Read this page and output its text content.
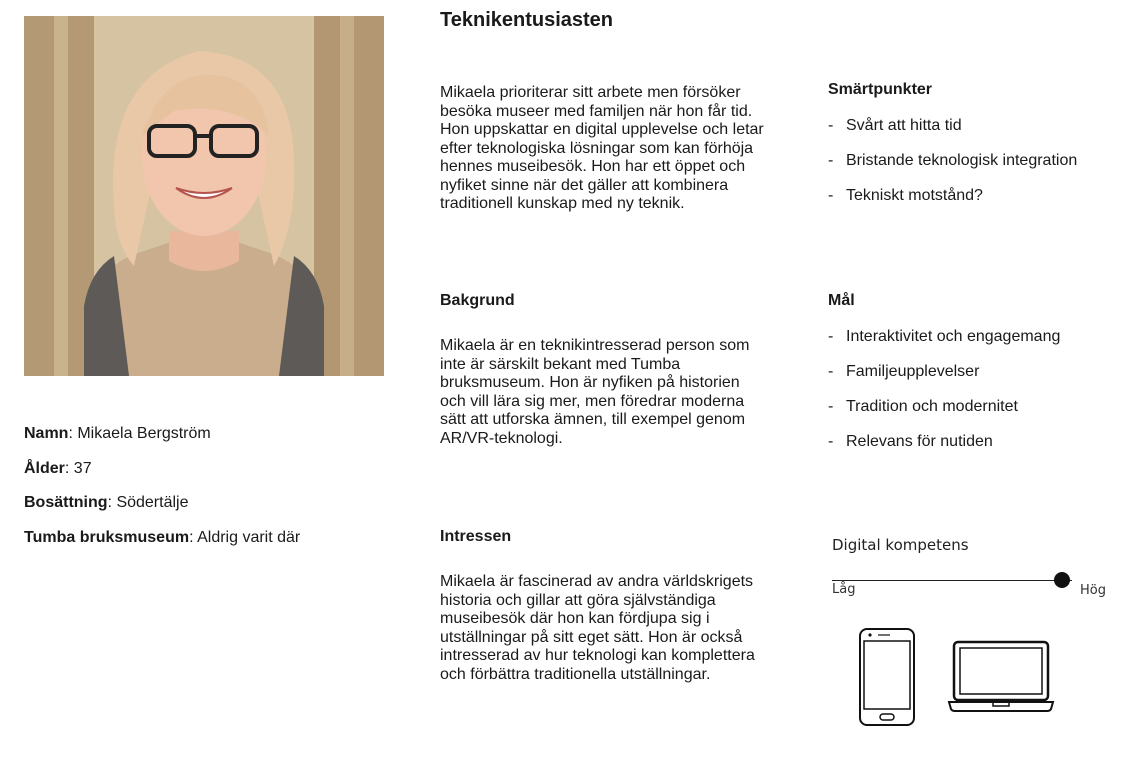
Namn: Mikaela Bergström
Ålder: 37
Bosättning: Södertälje
Tumba bruksmuseum: Aldrig varit där
Teknikentusiasten

Mikaela prioriterar sitt arbete men försöker besöka museer med familjen när hon får tid. Hon uppskattar en digital upplevelse och letar efter teknologiska lösningar som kan förhöja hennes museibesök. Hon har ett öppet och nyfiket sinne när det gäller att kombinera traditionell kunskap med ny teknik.

Bakgrund

Mikaela är en teknikintresserad person som inte är särskilt bekant med Tumba bruksmuseum. Hon är nyfiken på historien och vill lära sig mer, men föredrar moderna sätt att utforska ämnen, till exempel genom AR/VR-teknologi.

Intressen

Mikaela är fascinerad av andra världskrigets historia och gillar att göra självständiga museibesök där hon kan fördjupa sig i utställningar på sitt eget sätt. Hon är också intresserad av hur teknologi kan komplettera och förbättra traditionella utställningar.

Smärtpunkter
- Svårt att hitta tid
- Bristande teknologisk integration
- Tekniskt motstånd?
Mål
- Interaktivitet och engagemang
- Familjeupplevelser
- Tradition och modernitet
- Relevans för nutiden
Digital kompetens
Låg	Hög
